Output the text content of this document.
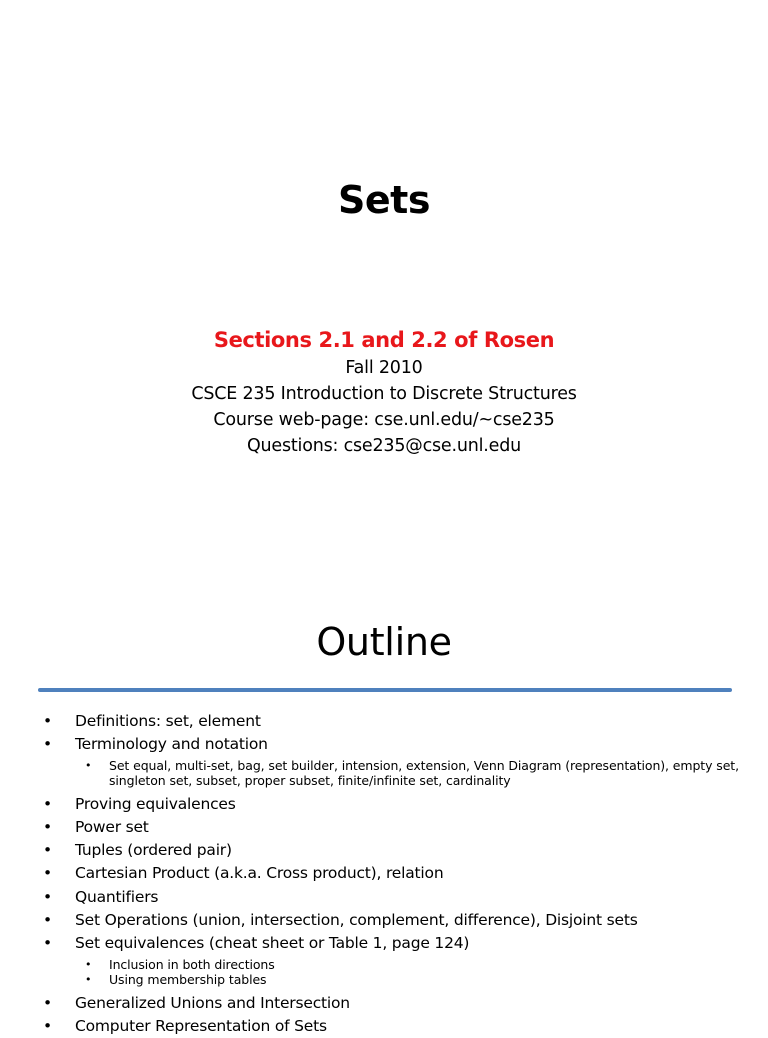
Sets
Sections 2.1 and 2.2 of Rosen
Fall 2010
CSCE 235 Introduction to Discrete Structures
Course web-page: cse.unl.edu/~cse235
Questions: cse235@cse.unl.edu
Outline
• Definitions: set, element
• Terminology and notation
• Set equal, multi-set, bag, set builder, intension, extension, Venn Diagram (representation), empty set, singleton set, subset, proper subset, finite/infinite set, cardinality
• Proving equivalences
• Power set
• Tuples (ordered pair)
• Cartesian Product (a.k.a. Cross product), relation
• Quantifiers
• Set Operations (union, intersection, complement, difference), Disjoint sets
• Set equivalences (cheat sheet or Table 1, page 124)
• Inclusion in both directions
• Using membership tables
• Generalized Unions and Intersection
• Computer Representation of Sets
